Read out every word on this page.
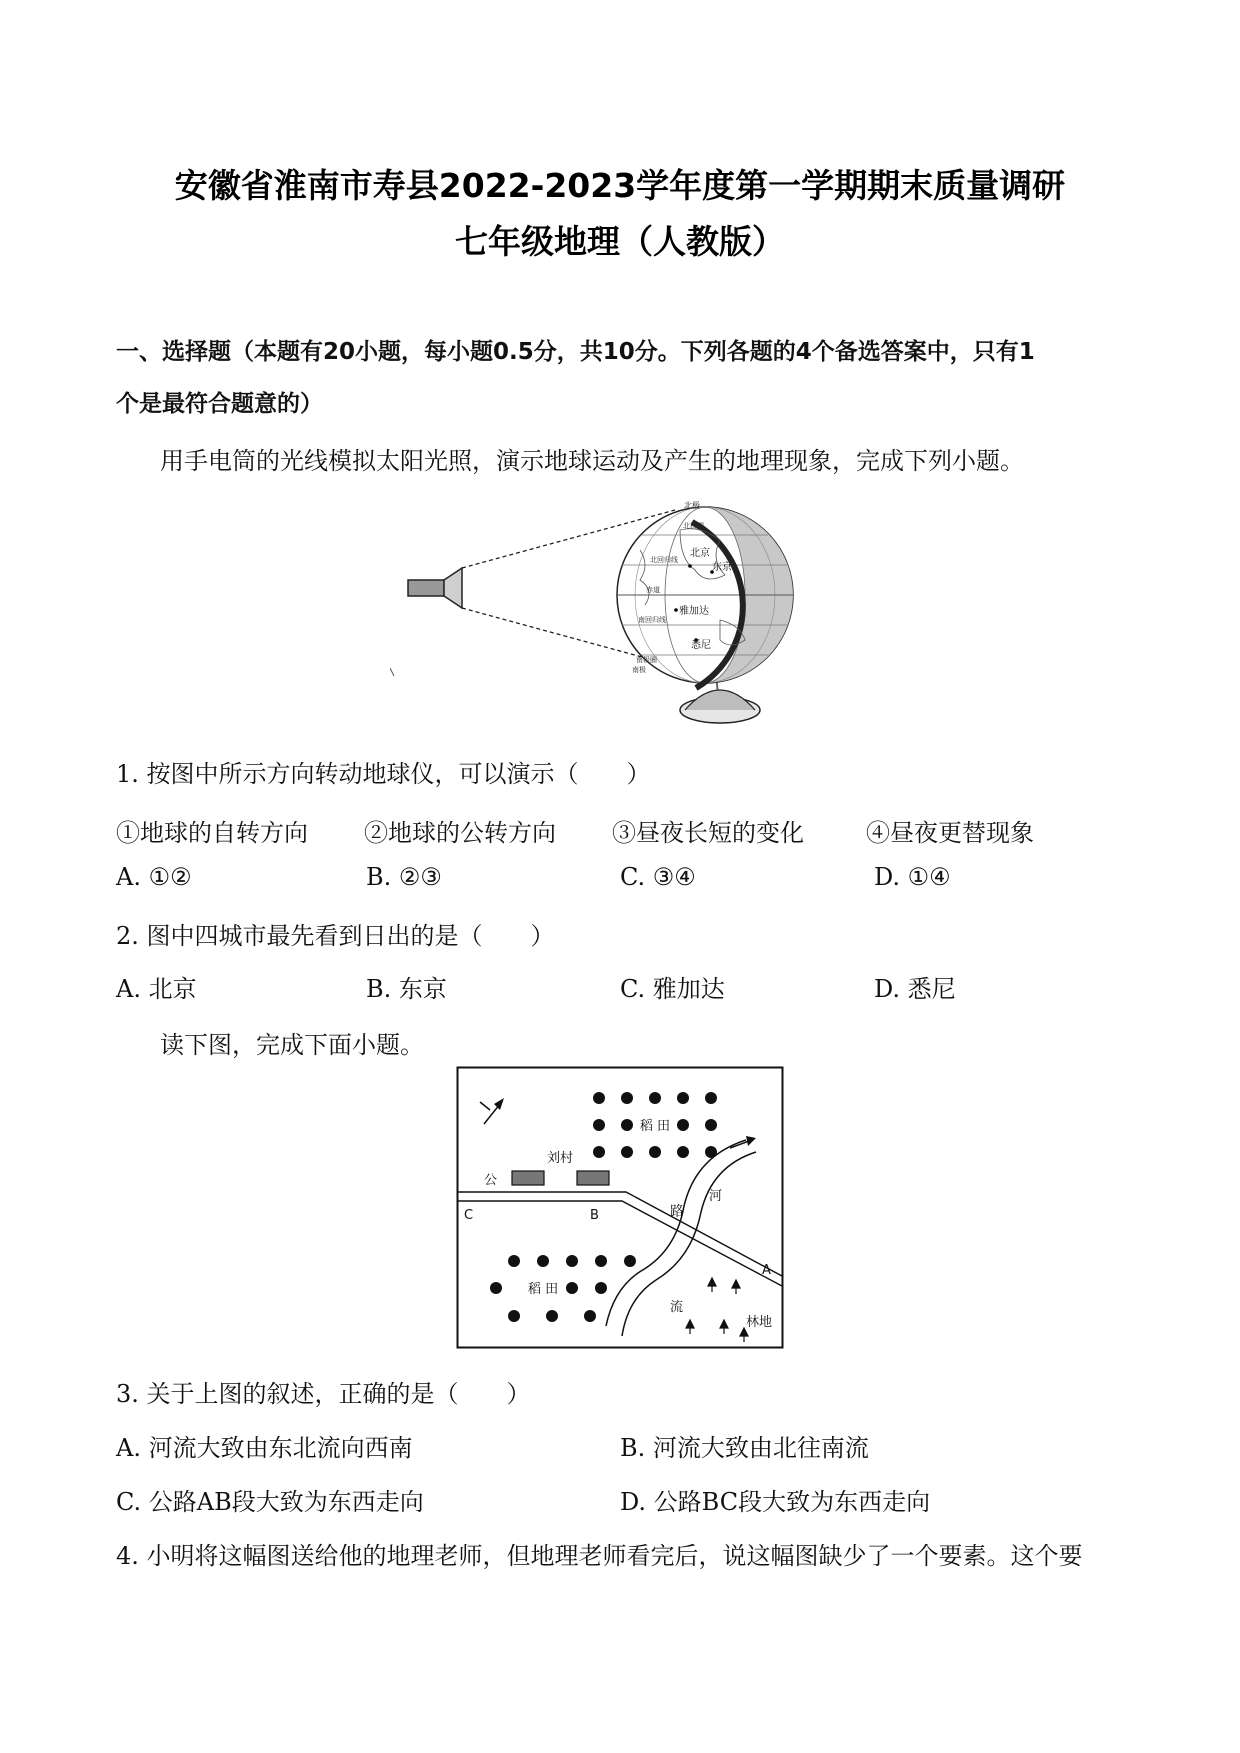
安徽省淮南市寿县2022-2023学年度第一学期期末质量调研
七年级地理（人教版）
一、选择题（本题有20小题，每小题0.5分，共10分。下列各题的4个备选答案中，只有1
个是最符合题意的）
用手电筒的光线模拟太阳光照，演示地球运动及产生的地理现象，完成下列小题。
北极
北极圈
北回归线
赤道
南回归线
南极圈
南极
北京
东京
雅加达
悉尼
1. 按图中所示方向转动地球仪，可以演示（　　）
①地球的自转方向 ②地球的公转方向 ③昼夜长短的变化	④昼夜更替现象
A. ①②	B. ②③	C. ③④	D. ①④
2. 图中四城市最先看到日出的是（　　）
A. 北京	B. 东京	C. 雅加达	D. 悉尼
读下图，完成下面小题。
稻 田
刘村
公
C	B	路
河
A
稻 田
流
林地
3. 关于上图的叙述，正确的是（　　）
A. 河流大致由东北流向西南	B. 河流大致由北往南流
C. 公路AB段大致为东西走向	D. 公路BC段大致为东西走向
4. 小明将这幅图送给他的地理老师，但地理老师看完后，说这幅图缺少了一个要素。这个要
